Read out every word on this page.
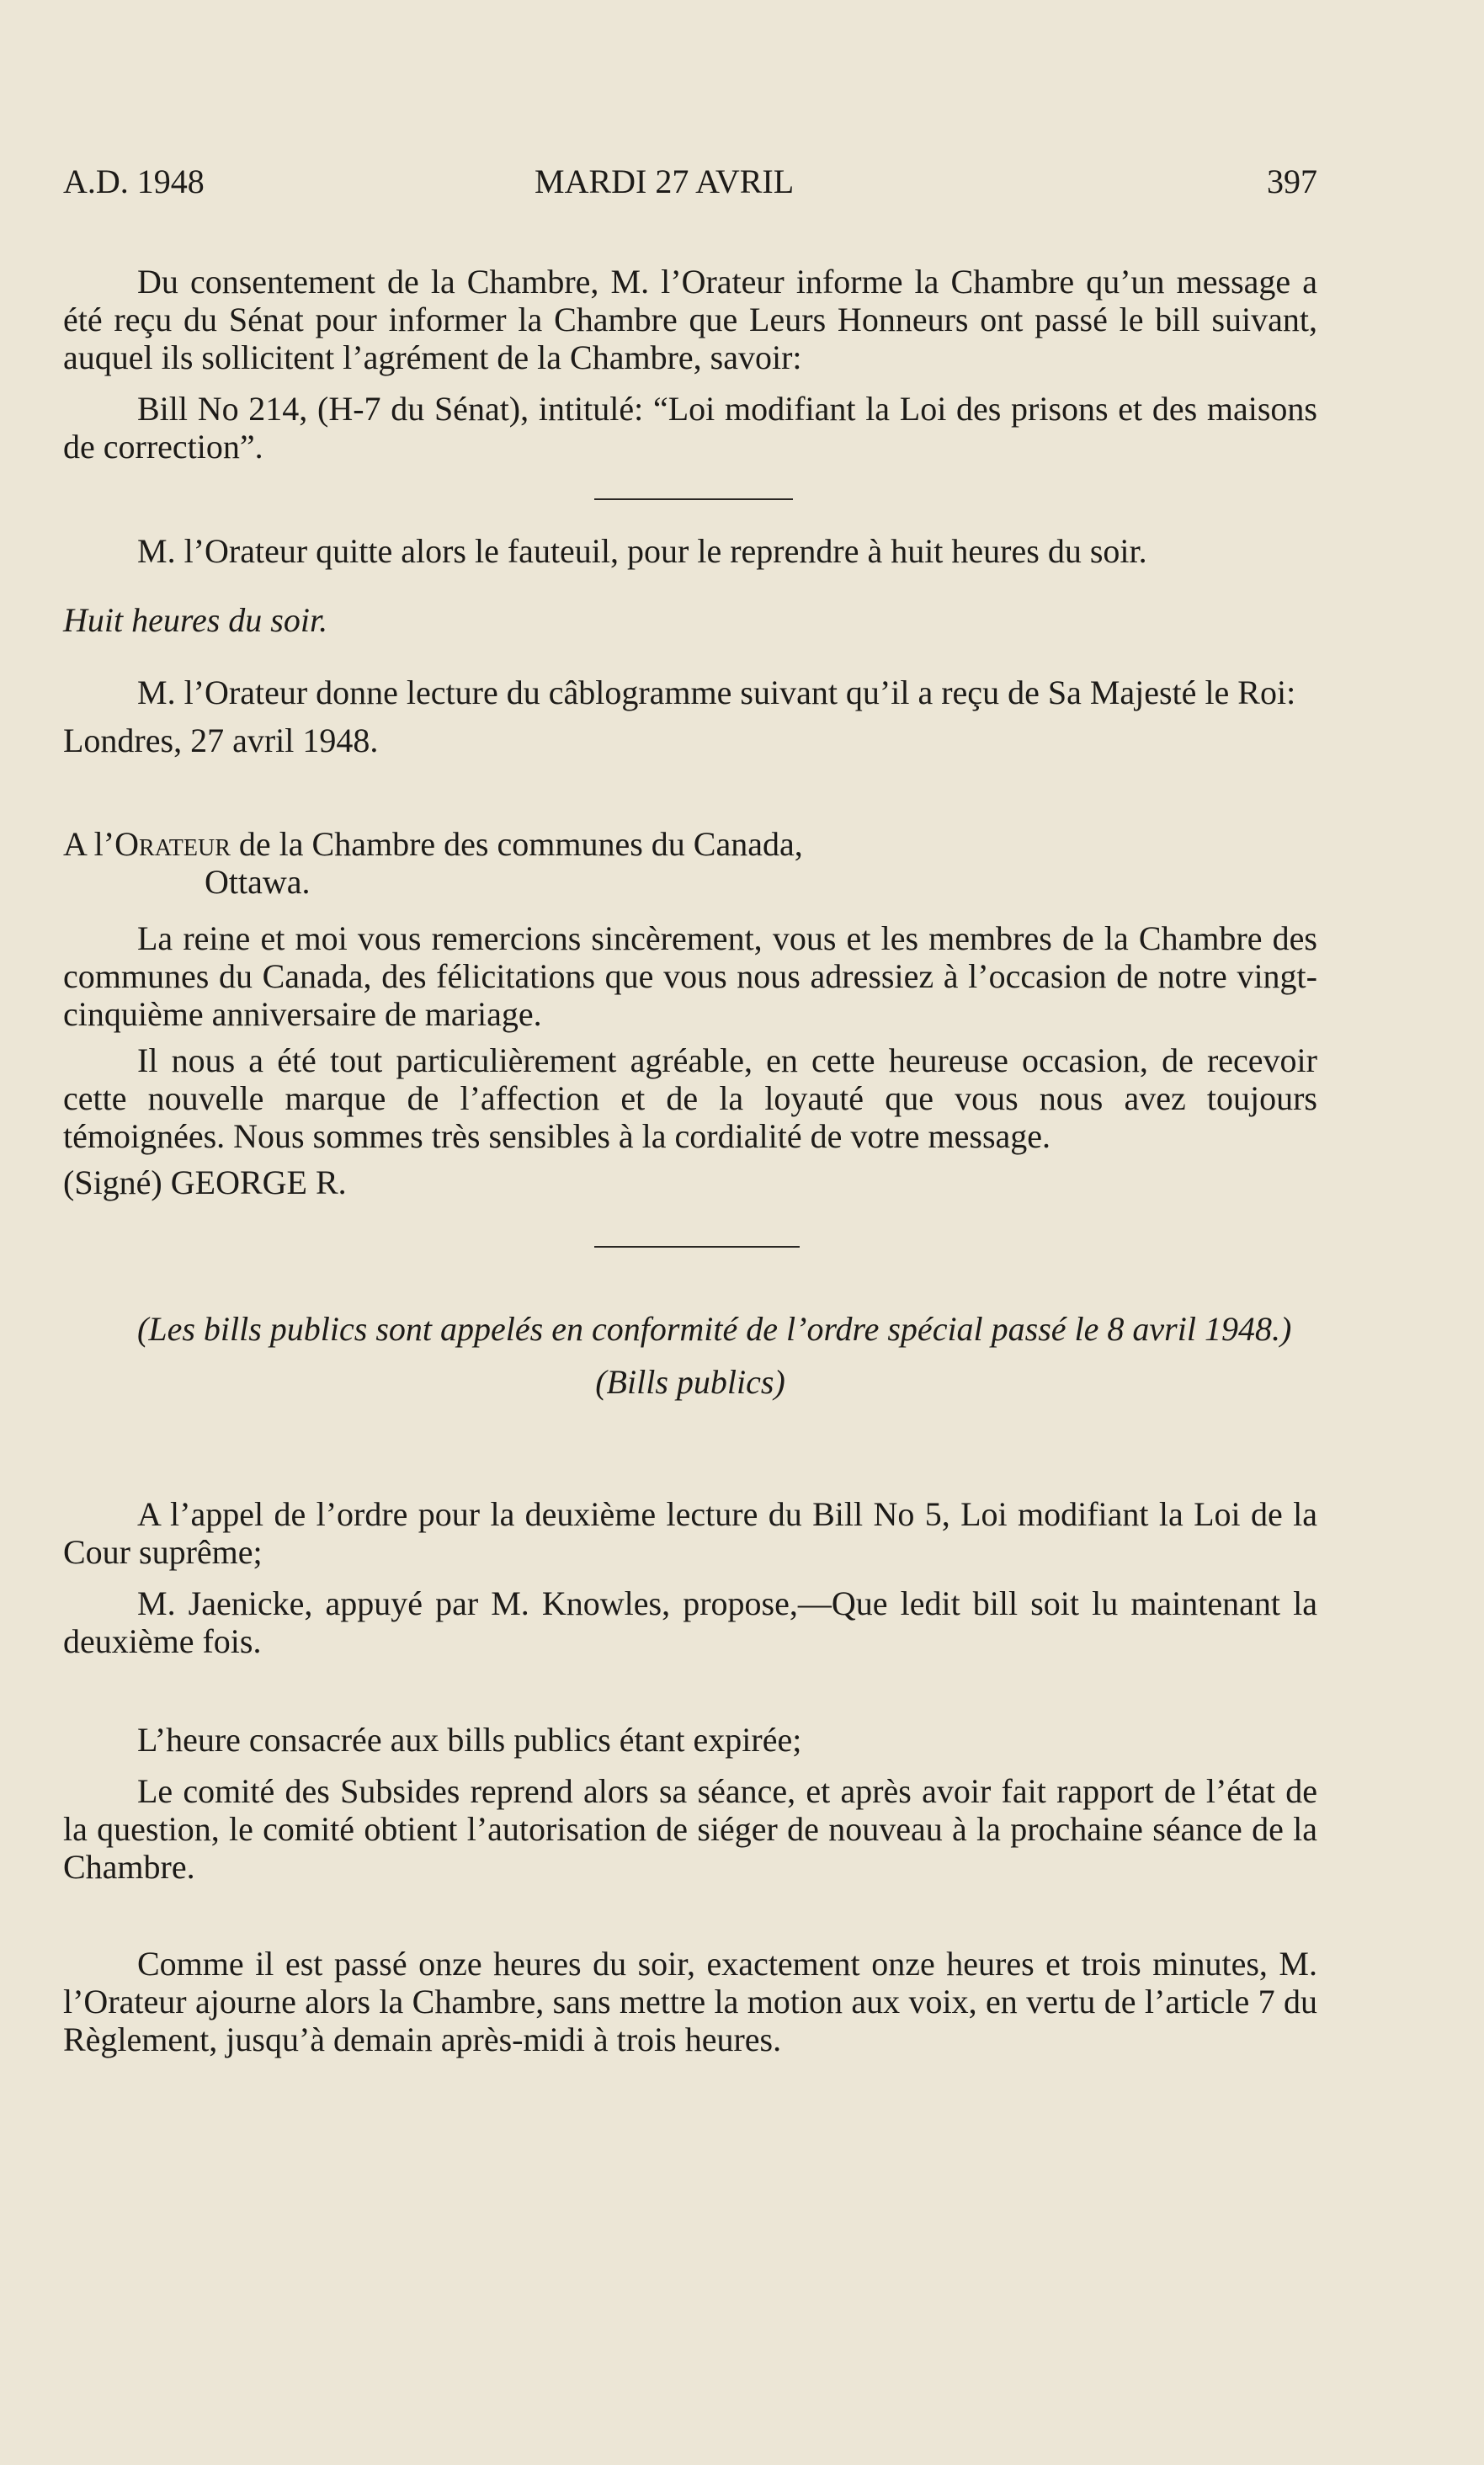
A.D. 1948	MARDI 27 AVRIL	397

Du consentement de la Chambre, M. l’Orateur informe la Chambre qu’un message a été reçu du Sénat pour informer la Chambre que Leurs Honneurs ont passé le bill suivant, auquel ils sollicitent l’agrément de la Chambre, savoir:

Bill No 214, (H-7 du Sénat), intitulé: “Loi modifiant la Loi des prisons et des maisons de correction”.

M. l’Orateur quitte alors le fauteuil, pour le reprendre à huit heures du soir.

Huit heures du soir.

M. l’Orateur donne lecture du câblogramme suivant qu’il a reçu de Sa Majesté le Roi:

Londres, 27 avril 1948.

A l’Orateur de la Chambre des communes du Canada,

Ottawa.

La reine et moi vous remercions sincèrement, vous et les membres de la Chambre des communes du Canada, des félicitations que vous nous adressiez à l’occasion de notre vingt-cinquième anniversaire de mariage.

Il nous a été tout particulièrement agréable, en cette heureuse occasion, de recevoir cette nouvelle marque de l’affection et de la loyauté que vous nous avez toujours témoignées. Nous sommes très sensibles à la cordialité de votre message.

(Signé) GEORGE R.

(Les bills publics sont appelés en conformité de l’ordre spécial passé le 8 avril 1948.)

(Bills publics)

A l’appel de l’ordre pour la deuxième lecture du Bill No 5, Loi modifiant la Loi de la Cour suprême;

M. Jaenicke, appuyé par M. Knowles, propose,—Que ledit bill soit lu maintenant la deuxième fois.

L’heure consacrée aux bills publics étant expirée;

Le comité des Subsides reprend alors sa séance, et après avoir fait rapport de l’état de la question, le comité obtient l’autorisation de siéger de nouveau à la prochaine séance de la Chambre.

Comme il est passé onze heures du soir, exactement onze heures et trois minutes, M. l’Orateur ajourne alors la Chambre, sans mettre la motion aux voix, en vertu de l’article 7 du Règlement, jusqu’à demain après-midi à trois heures.
